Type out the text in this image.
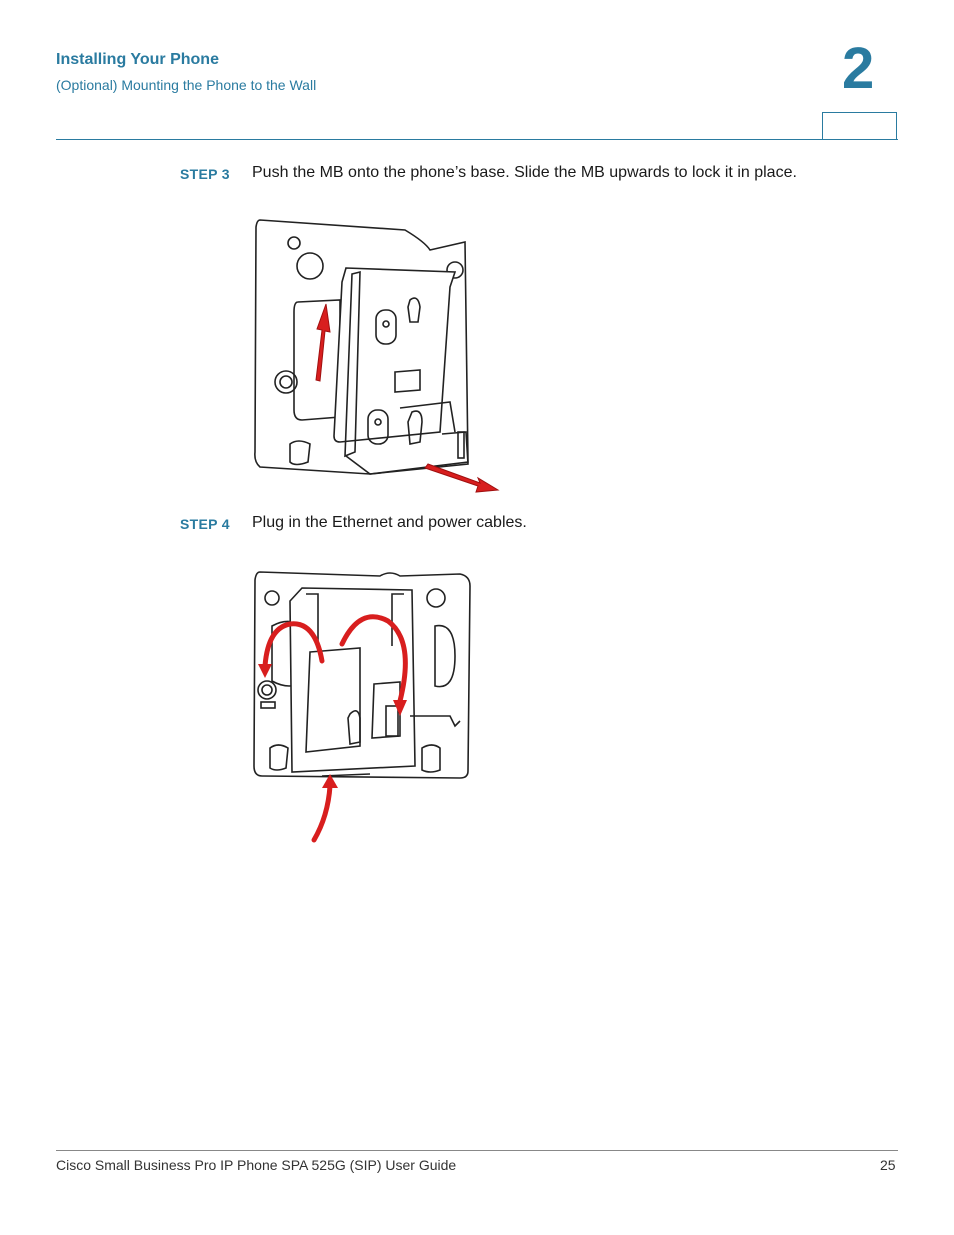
Installing Your Phone
(Optional) Mounting the Phone to the Wall	2
STEP 3 Push the MB onto the phone’s base. Slide the MB upwards to lock it in place.
STEP 4 Plug in the Ethernet and power cables.
Cisco Small Business Pro IP Phone SPA 525G (SIP) User Guide	25
